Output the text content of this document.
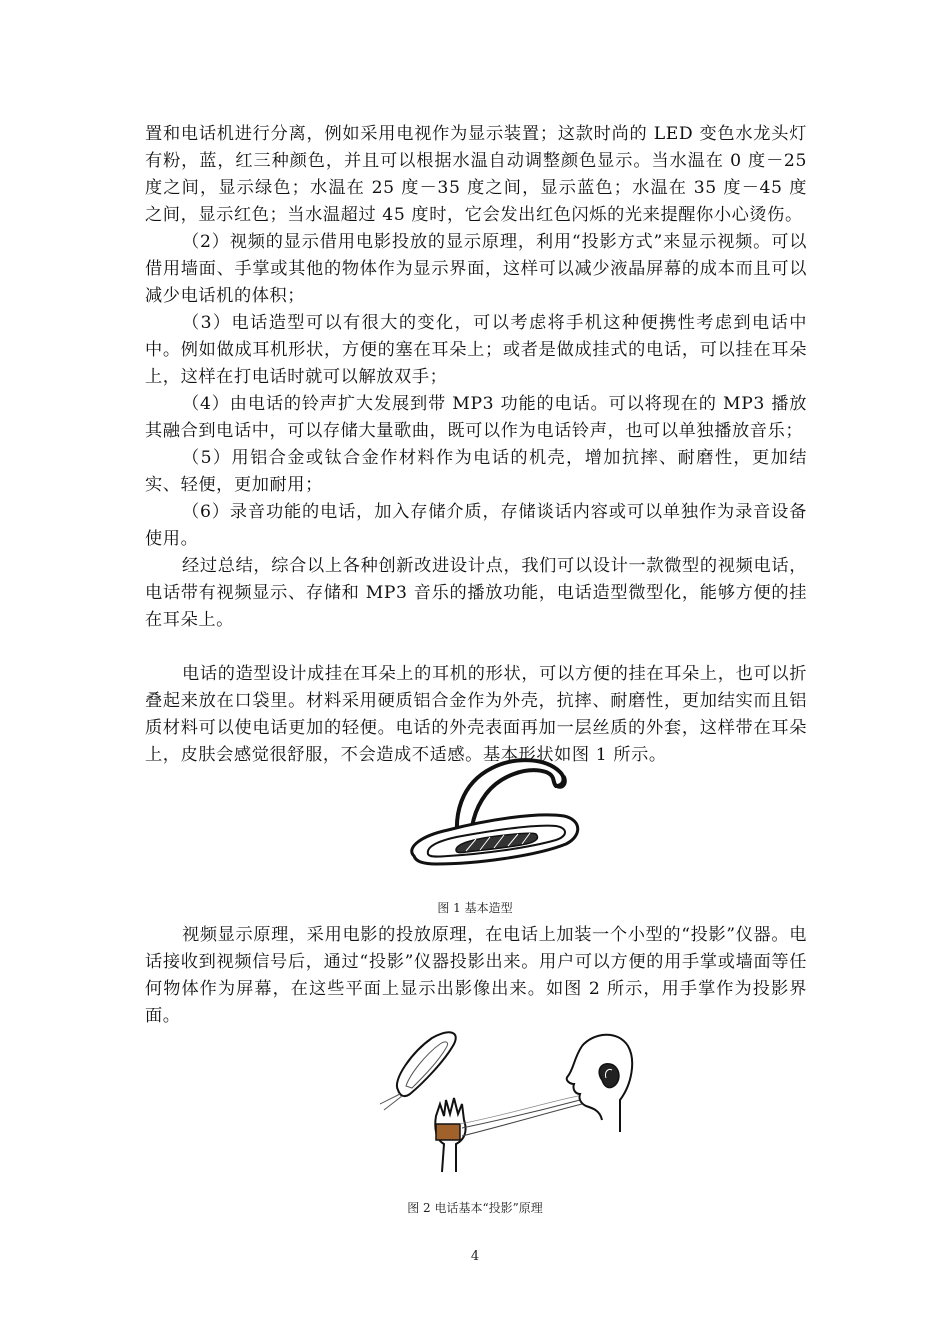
置和电话机进行分离，例如采用电视作为显示装置；这款时尚的 LED 变色水龙头灯有粉，蓝，红三种颜色，并且可以根据水温自动调整颜色显示。当水温在 0 度－25 度之间，显示绿色；水温在 25 度－35 度之间，显示蓝色；水温在 35 度－45 度之间，显示红色；当水温超过 45 度时，它会发出红色闪烁的光来提醒你小心烫伤。

（2）视频的显示借用电影投放的显示原理，利用“投影方式”来显示视频。可以借用墙面、手掌或其他的物体作为显示界面，这样可以减少液晶屏幕的成本而且可以减少电话机的体积；

（3）电话造型可以有很大的变化，可以考虑将手机这种便携性考虑到电话中中。例如做成耳机形状，方便的塞在耳朵上；或者是做成挂式的电话，可以挂在耳朵上，这样在打电话时就可以解放双手；

（4）由电话的铃声扩大发展到带 MP3 功能的电话。可以将现在的 MP3 播放其融合到电话中，可以存储大量歌曲，既可以作为电话铃声，也可以单独播放音乐；

（5）用铝合金或钛合金作材料作为电话的机壳，增加抗摔、耐磨性，更加结实、轻便，更加耐用；

（6）录音功能的电话，加入存储介质，存储谈话内容或可以单独作为录音设备使用。

经过总结，综合以上各种创新改进设计点，我们可以设计一款微型的视频电话，电话带有视频显示、存储和 MP3 音乐的播放功能，电话造型微型化，能够方便的挂在耳朵上。

电话的造型设计成挂在耳朵上的耳机的形状，可以方便的挂在耳朵上，也可以折叠起来放在口袋里。材料采用硬质铝合金作为外壳，抗摔、耐磨性，更加结实而且铝质材料可以使电话更加的轻便。电话的外壳表面再加一层丝质的外套，这样带在耳朵上，皮肤会感觉很舒服，不会造成不适感。基本形状如图 1 所示。

图 1 基本造型

视频显示原理，采用电影的投放原理，在电话上加装一个小型的“投影”仪器。电话接收到视频信号后，通过“投影”仪器投影出来。用户可以方便的用手掌或墙面等任何物体作为屏幕，在这些平面上显示出影像出来。如图 2 所示，用手掌作为投影界面。

图 2 电话基本“投影”原理
4
